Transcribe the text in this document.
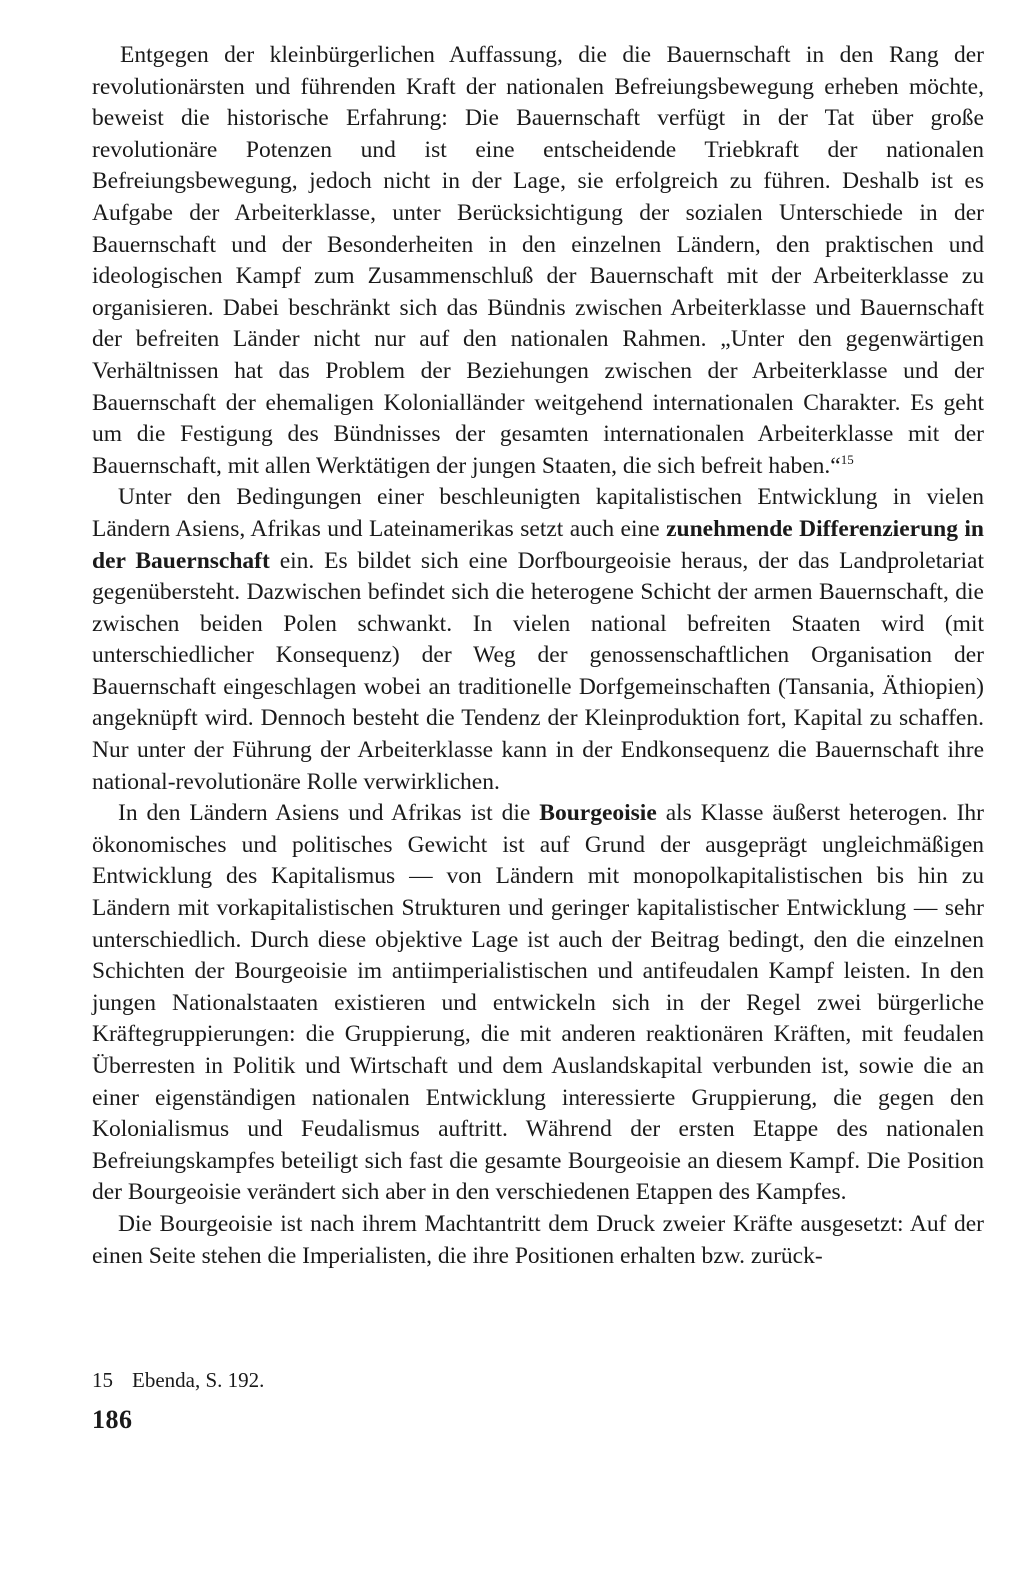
Entgegen der kleinbürgerlichen Auffassung, die die Bauernschaft in den Rang der revolutionärsten und führenden Kraft der nationalen Befreiungsbewegung erheben möchte, beweist die historische Erfahrung: Die Bauernschaft verfügt in der Tat über große revolutionäre Potenzen und ist eine entscheidende Triebkraft der nationalen Befreiungsbewegung, jedoch nicht in der Lage, sie erfolgreich zu führen. Deshalb ist es Aufgabe der Arbeiterklasse, unter Berücksichtigung der sozialen Unterschiede in der Bauernschaft und der Besonderheiten in den einzelnen Ländern, den praktischen und ideologischen Kampf zum Zusammenschluß der Bauernschaft mit der Arbeiterklasse zu organisieren. Dabei beschränkt sich das Bündnis zwischen Arbeiterklasse und Bauernschaft der befreiten Länder nicht nur auf den nationalen Rahmen. „Unter den gegenwärtigen Verhältnissen hat das Problem der Beziehungen zwischen der Arbeiterklasse und der Bauernschaft der ehemaligen Kolonialländer weitgehend internationalen Charakter. Es geht um die Festigung des Bündnisses der gesamten internationalen Arbeiterklasse mit der Bauernschaft, mit allen Werktätigen der jungen Staaten, die sich befreit haben.“$^{15}$

Unter den Bedingungen einer beschleunigten kapitalistischen Entwicklung in vielen Ländern Asiens, Afrikas und Lateinamerikas setzt auch eine zunehmende Differenzierung in der Bauernschaft ein. Es bildet sich eine Dorfbourgeoisie heraus, der das Landproletariat gegenübersteht. Dazwischen befindet sich die heterogene Schicht der armen Bauernschaft, die zwischen beiden Polen schwankt. In vielen national befreiten Staaten wird (mit unterschiedlicher Konsequenz) der Weg der genossenschaftlichen Organisation der Bauernschaft eingeschlagen wobei an traditionelle Dorfgemeinschaften (Tansania, Äthiopien) angeknüpft wird. Dennoch besteht die Tendenz der Kleinproduktion fort, Kapital zu schaffen. Nur unter der Führung der Arbeiterklasse kann in der Endkonsequenz die Bauernschaft ihre national-revolutionäre Rolle verwirklichen.

In den Ländern Asiens und Afrikas ist die Bourgeoisie als Klasse äußerst heterogen. Ihr ökonomisches und politisches Gewicht ist auf Grund der ausgeprägt ungleichmäßigen Entwicklung des Kapitalismus — von Ländern mit monopolkapitalistischen bis hin zu Ländern mit vorkapitalistischen Strukturen und geringer kapitalistischer Entwicklung — sehr unterschiedlich. Durch diese objektive Lage ist auch der Beitrag bedingt, den die einzelnen Schichten der Bourgeoisie im antiimperialistischen und antifeudalen Kampf leisten. In den jungen Nationalstaaten existieren und entwickeln sich in der Regel zwei bürgerliche Kräftegruppierungen: die Gruppierung, die mit anderen reaktionären Kräften, mit feudalen Überresten in Politik und Wirtschaft und dem Auslandskapital verbunden ist, sowie die an einer eigenständigen nationalen Entwicklung interessierte Gruppierung, die gegen den Kolonialismus und Feudalismus auftritt. Während der ersten Etappe des nationalen Befreiungskampfes beteiligt sich fast die gesamte Bourgeoisie an diesem Kampf. Die Position der Bourgeoisie verändert sich aber in den verschiedenen Etappen des Kampfes.

Die Bourgeoisie ist nach ihrem Machtantritt dem Druck zweier Kräfte ausgesetzt: Auf der einen Seite stehen die Imperialisten, die ihre Positionen erhalten bzw. zurück-

15 Ebenda, S. 192.
186
